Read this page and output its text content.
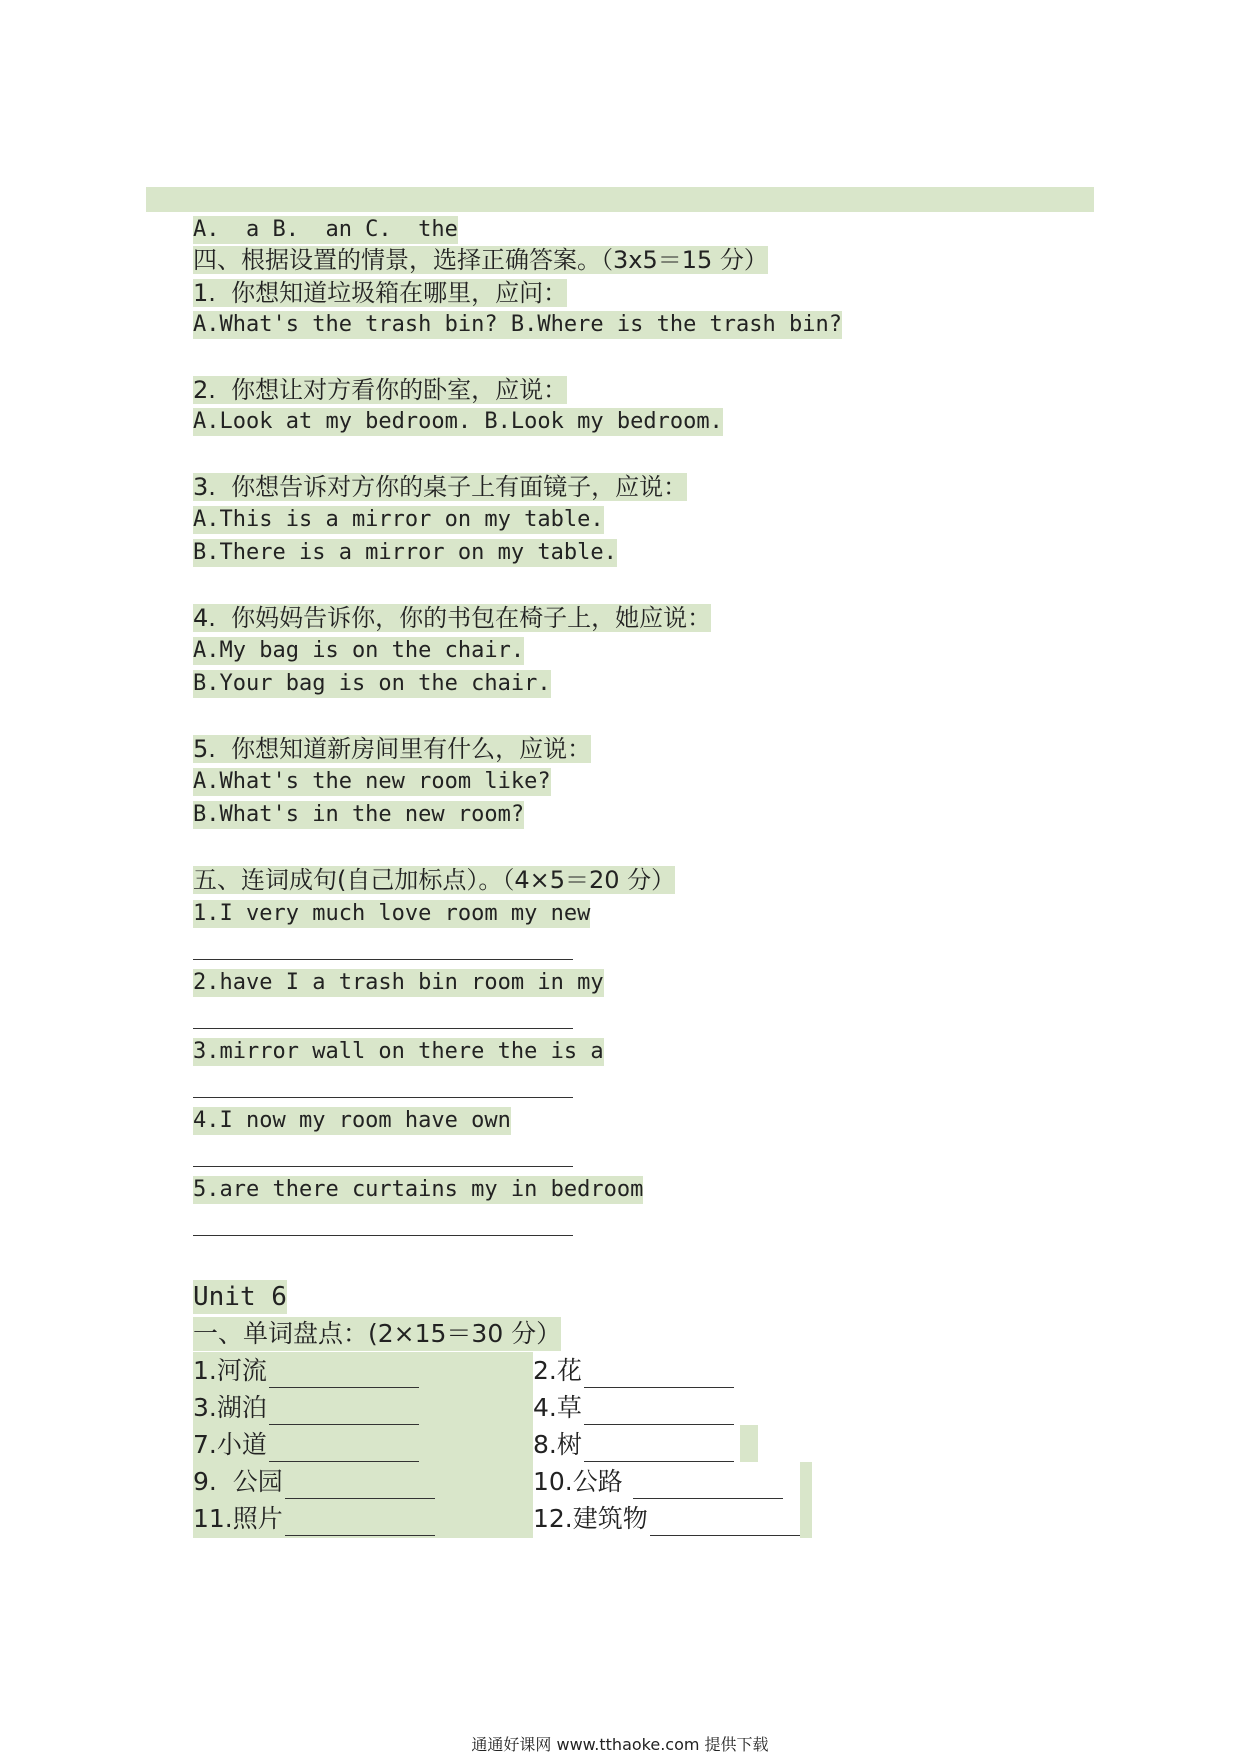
A.  a B.  an C.  the
四、根据设置的情景，选择正确答案。（3x5＝15 分）
1.  你想知道垃圾箱在哪里，应问：
A.What's the trash bin? B.Where is the trash bin?
2.  你想让对方看你的卧室，应说：
A.Look at my bedroom. B.Look my bedroom.
3.  你想告诉对方你的桌子上有面镜子，应说：
A.This is a mirror on my table.
B.There is a mirror on my table.
4.  你妈妈告诉你，你的书包在椅子上，她应说：
A.My bag is on the chair.
B.Your bag is on the chair.
5.  你想知道新房间里有什么，应说：
A.What's the new room like?
B.What's in the new room?
五、连词成句(自己加标点）。（4×5＝20 分）
1.I very much love room my new
2.have I a trash bin room in my
3.mirror wall on there the is a
4.I now my room have own
5.are there curtains my in bedroom
Unit 6
一、单词盘点：(2×15＝30 分）
1.河流
3.湖泊
7.小道
9.  公园
11.照片
2.花
4.草
8.树
10.公路
12.建筑物
通通好课网 www.tthaoke.com 提供下载
